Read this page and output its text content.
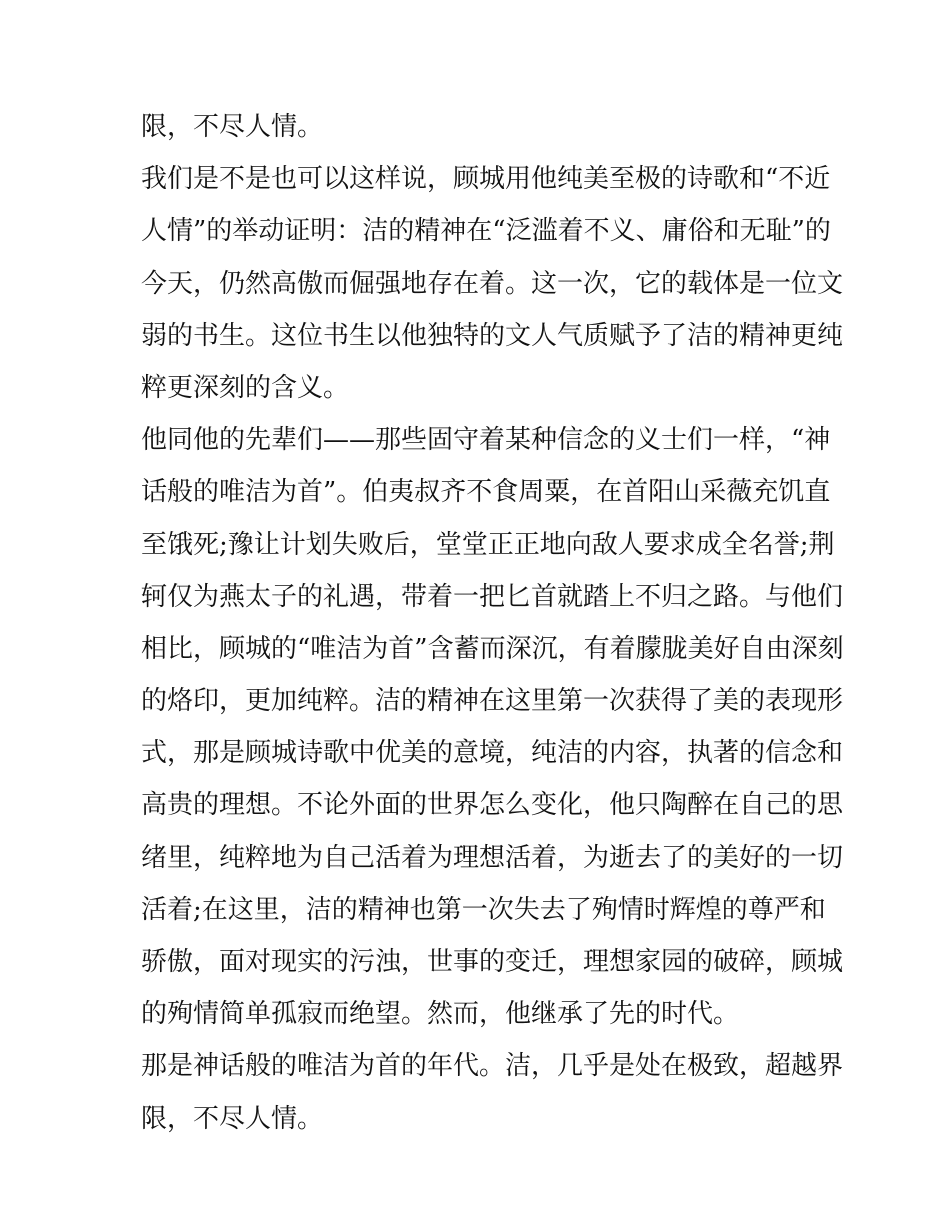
限，不尽人情。

我们是不是也可以这样说，顾城用他纯美至极的诗歌和“不近
人情”的举动证明：洁的精神在“泛滥着不义、庸俗和无耻”的
今天，仍然高傲而倔强地存在着。这一次，它的载体是一位文
弱的书生。这位书生以他独特的文人气质赋予了洁的精神更纯
粹更深刻的含义。

他同他的先辈们——那些固守着某种信念的义士们一样，“神
话般的唯洁为首”。伯夷叔齐不食周粟，在首阳山采薇充饥直
至饿死;豫让计划失败后，堂堂正正地向敌人要求成全名誉;荆
轲仅为燕太子的礼遇，带着一把匕首就踏上不归之路。与他们
相比，顾城的“唯洁为首”含蓄而深沉，有着朦胧美好自由深刻
的烙印，更加纯粹。洁的精神在这里第一次获得了美的表现形
式，那是顾城诗歌中优美的意境，纯洁的内容，执著的信念和
高贵的理想。不论外面的世界怎么变化，他只陶醉在自己的思
绪里，纯粹地为自己活着为理想活着，为逝去了的美好的一切
活着;在这里，洁的精神也第一次失去了殉情时辉煌的尊严和
骄傲，面对现实的污浊，世事的变迁，理想家园的破碎，顾城
的殉情简单孤寂而绝望。然而，他继承了先的时代。

那是神话般的唯洁为首的年代。洁，几乎是处在极致，超越界
限，不尽人情。
